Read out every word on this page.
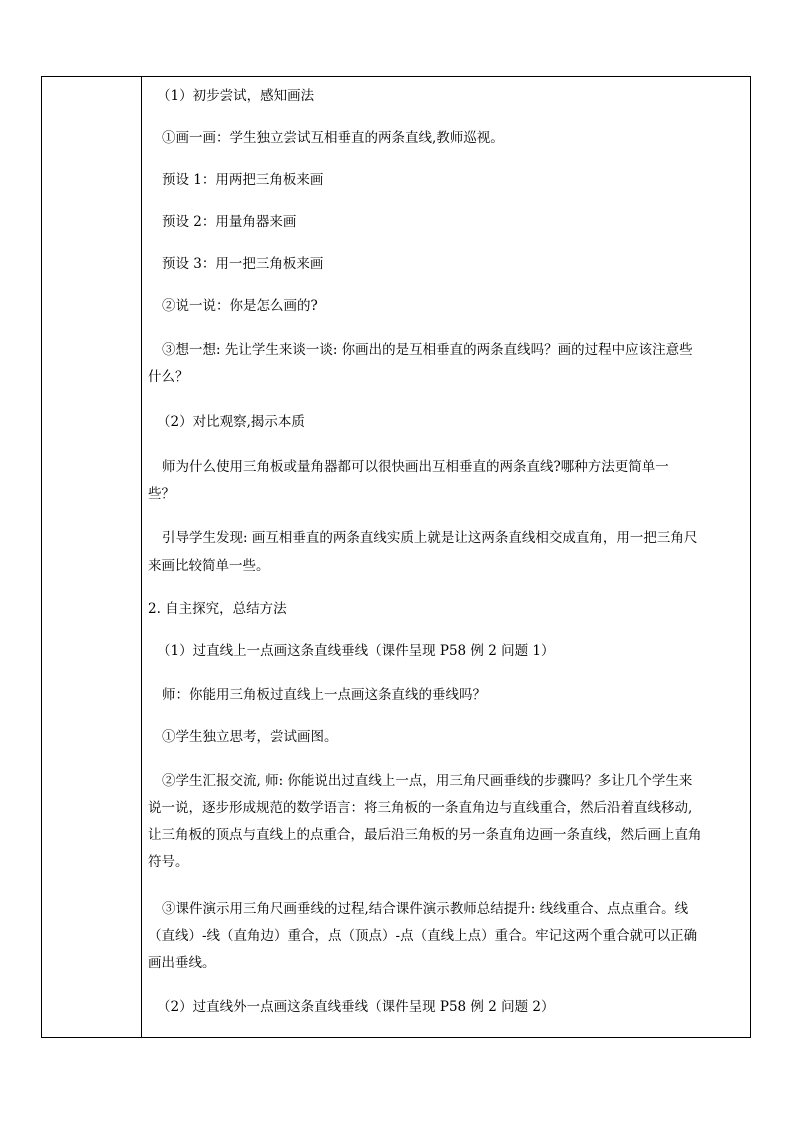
（1）初步尝试，感知画法
①画一画：学生独立尝试互相垂直的两条直线,教师巡视。
预设 1：用两把三角板来画
预设 2：用量角器来画
预设 3：用一把三角板来画
②说一说：你是怎么画的?
③想一想: 先让学生来谈一谈: 你画出的是互相垂直的两条直线吗？画的过程中应该注意些
什么？
（2）对比观察,揭示本质
师为什么使用三角板或量角器都可以很快画出互相垂直的两条直线?哪种方法更简单一
些？
引导学生发现: 画互相垂直的两条直线实质上就是让这两条直线相交成直角，用一把三角尺
来画比较简单一些。
2. 自主探究，总结方法
（1）过直线上一点画这条直线垂线（课件呈现 P58 例 2 问题 1）
师：你能用三角板过直线上一点画这条直线的垂线吗？
①学生独立思考，尝试画图。
②学生汇报交流, 师: 你能说出过直线上一点，用三角尺画垂线的步骤吗？多让几个学生来
说一说，逐步形成规范的数学语言：将三角板的一条直角边与直线重合，然后沿着直线移动,
让三角板的顶点与直线上的点重合，最后沿三角板的另一条直角边画一条直线，然后画上直角
符号。
③课件演示用三角尺画垂线的过程,结合课件演示教师总结提升: 线线重合、点点重合。线
（直线）-线（直角边）重合，点（顶点）-点（直线上点）重合。牢记这两个重合就可以正确
画出垂线。
（2）过直线外一点画这条直线垂线（课件呈现 P58 例 2 问题 2）
